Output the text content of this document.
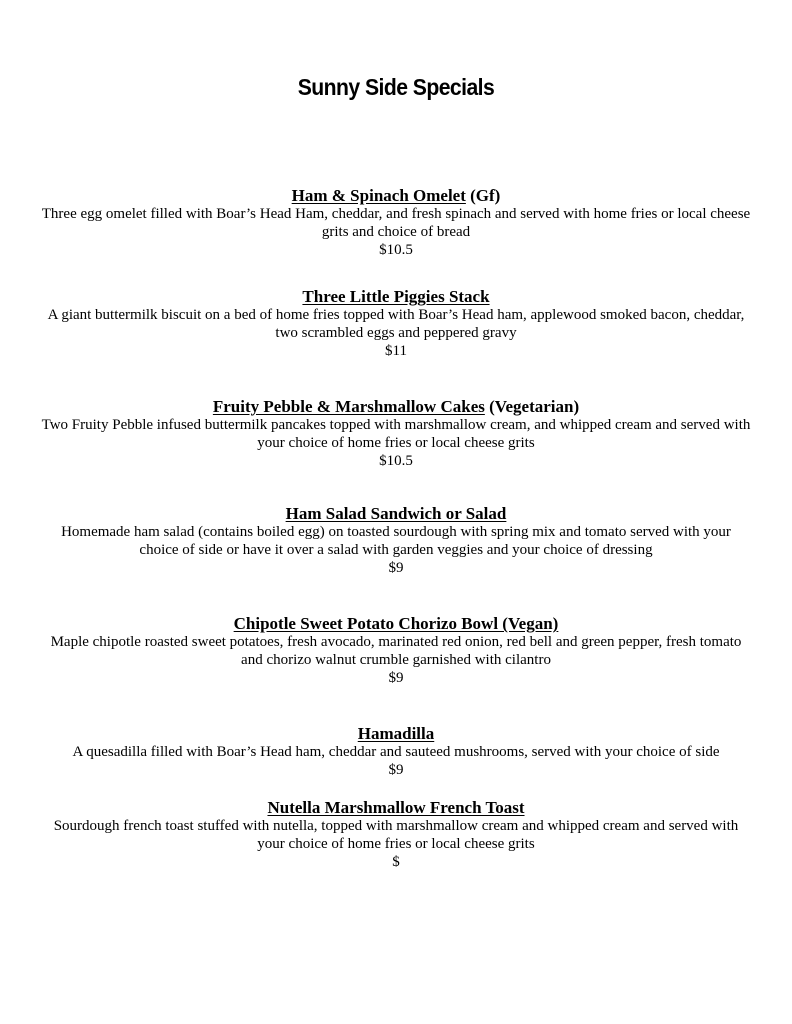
Sunny Side Specials
Ham & Spinach Omelet (Gf)
Three egg omelet filled with Boar’s Head Ham, cheddar, and fresh spinach and served with home fries or local cheese grits and choice of bread
$10.5
Three Little Piggies Stack
A giant buttermilk biscuit on a bed of home fries topped with Boar’s Head ham, applewood smoked bacon, cheddar, two scrambled eggs and peppered gravy
$11
Fruity Pebble & Marshmallow Cakes (Vegetarian)
Two Fruity Pebble infused buttermilk pancakes topped with marshmallow cream, and whipped cream and served with your choice of home fries or local cheese grits
$10.5
Ham Salad Sandwich or Salad
Homemade ham salad (contains boiled egg) on toasted sourdough with spring mix and tomato served with your choice of side or have it over a salad with garden veggies and your choice of dressing
$9
Chipotle Sweet Potato Chorizo Bowl (Vegan)
Maple chipotle roasted sweet potatoes, fresh avocado, marinated red onion, red bell and green pepper, fresh tomato and chorizo walnut crumble garnished with cilantro
$9
Hamadilla
A quesadilla filled with Boar’s Head ham, cheddar and sauteed mushrooms, served with your choice of side
$9
Nutella Marshmallow French Toast
Sourdough french toast stuffed with nutella, topped with marshmallow cream and whipped cream and served with your choice of home fries or local cheese grits
$
